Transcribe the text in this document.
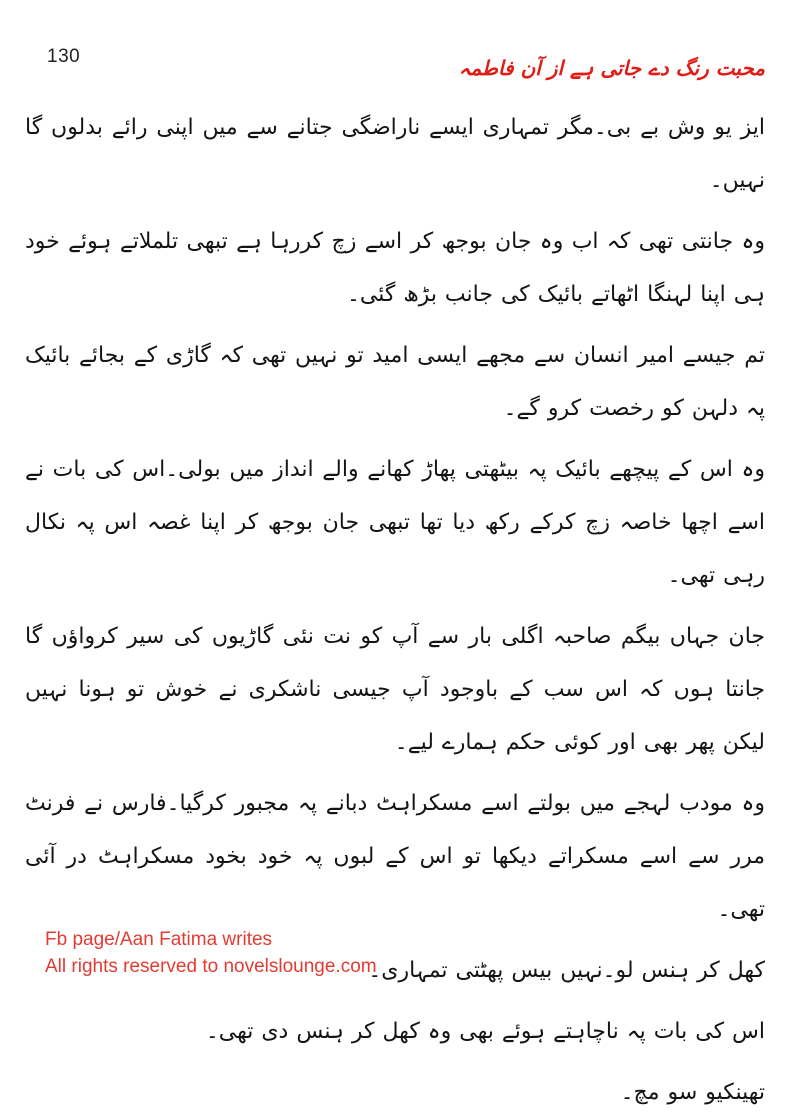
130	محبت رنگ دے جاتی ہے از آن فاطمہ

ایز یو وش بے بی۔مگر تمہاری ایسے ناراضگی جتانے سے میں اپنی رائے بدلوں گا نہیں۔

وہ جانتی تھی کہ اب وہ جان بوجھ کر اسے زچ کررہا ہے تبھی تلملاتے ہوئے خود ہی اپنا لہنگا اٹھاتے بائیک کی جانب بڑھ گئی۔

تم جیسے امیر انسان سے مجھے ایسی امید تو نہیں تھی کہ گاڑی کے بجائے بائیک پہ دلہن کو رخصت کرو گے۔

وہ اس کے پیچھے بائیک پہ بیٹھتی پھاڑ کھانے والے انداز میں بولی۔اس کی بات نے اسے اچھا خاصہ زچ کرکے رکھ دیا تھا تبھی جان بوجھ کر اپنا غصہ اس پہ نکال رہی تھی۔

جان جہاں بیگم صاحبہ اگلی بار سے آپ کو نت نئی گاڑیوں کی سیر کرواؤں گا جانتا ہوں کہ اس سب کے باوجود آپ جیسی ناشکری نے خوش تو ہونا نہیں لیکن پھر بھی اور کوئی حکم ہمارے لیے۔

وہ مودب لہجے میں بولتے اسے مسکراہٹ دبانے پہ مجبور کرگیا۔فارس نے فرنٹ مرر سے اسے مسکراتے دیکھا تو اس کے لبوں پہ خود بخود مسکراہٹ در آئی تھی۔

کھل کر ہنس لو۔نہیں بیس پھٹتی تمہاری۔

اس کی بات پہ ناچاہتے ہوئے بھی وہ کھل کر ہنس دی تھی۔

تھینکیو سو مچ۔

Fb page/Aan Fatima writes
All rights reserved to novelslounge.com
